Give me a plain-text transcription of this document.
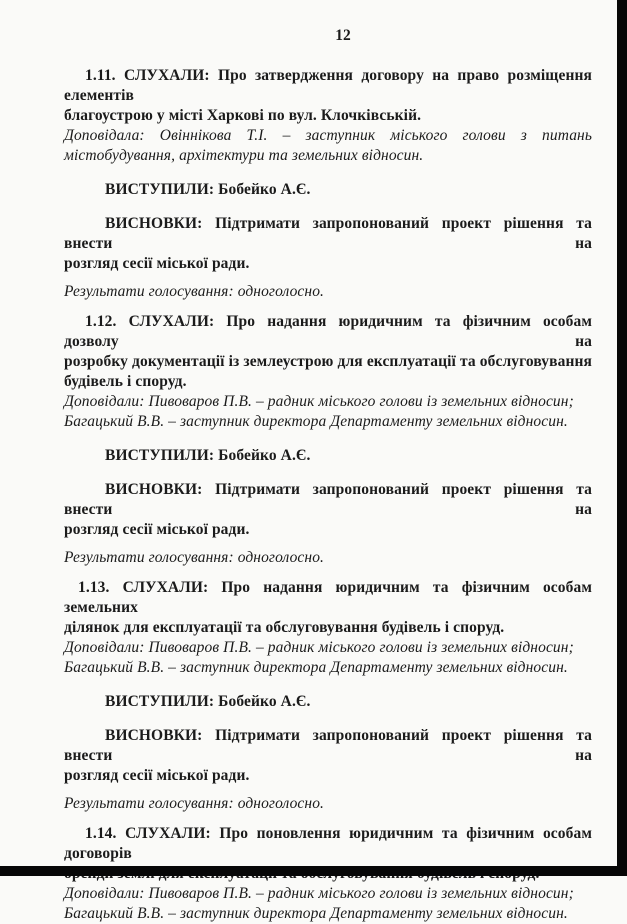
12
1.11. СЛУХАЛИ: Про затвердження договору на право розміщення елементів
благоустрою у місті Харкові по вул. Клочківській.
Доповідала: Овіннікова Т.І. – заступник міського голови з питань
містобудування, архітектури та земельних відносин.
ВИСТУПИЛИ: Бобейко А.Є.
ВИСНОВКИ: Підтримати запропонований проект рішення та внести на
розгляд сесії міської ради.
Результати голосування: одноголосно.
1.12. СЛУХАЛИ: Про надання юридичним та фізичним особам дозволу на
розробку документації із землеустрою для експлуатації та обслуговування
будівель і споруд.
Доповідали: Пивоваров П.В. – радник міського голови із земельних відносин;
Багацький В.В. – заступник директора Департаменту земельних відносин.
ВИСТУПИЛИ: Бобейко А.Є.
ВИСНОВКИ: Підтримати запропонований проект рішення та внести на
розгляд сесії міської ради.
Результати голосування: одноголосно.
1.13. СЛУХАЛИ: Про надання юридичним та фізичним особам земельних
ділянок для експлуатації та обслуговування будівель і споруд.
Доповідали: Пивоваров П.В. – радник міського голови із земельних відносин;
Багацький В.В. – заступник директора Департаменту земельних відносин.
ВИСТУПИЛИ: Бобейко А.Є.
ВИСНОВКИ: Підтримати запропонований проект рішення та внести на
розгляд сесії міської ради.
Результати голосування: одноголосно.
1.14. СЛУХАЛИ: Про поновлення юридичним та фізичним особам договорів
Доповідали: Пивоваров П.В. – радник міського голови із земельних відносин;
Багацький В.В. – заступник директора Департаменту земельних відносин.
